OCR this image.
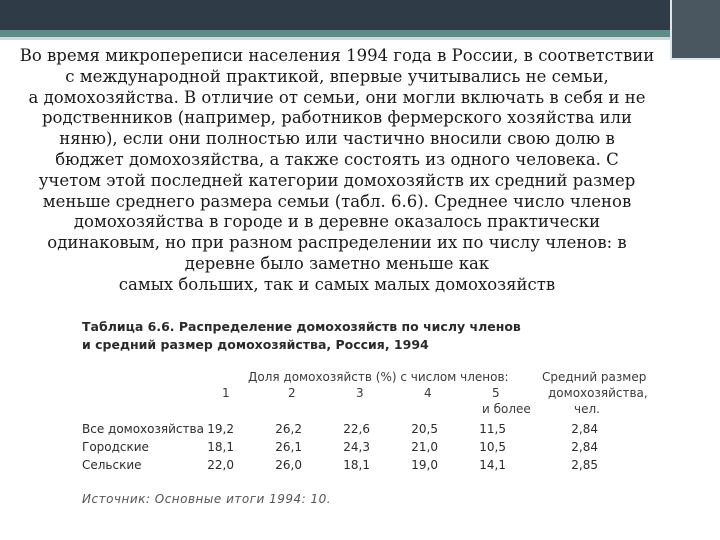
Во время микропереписи населения 1994 года в России, в соответствии
с международной практикой, впервые учитывались не семьи,
а домохозяйства. В отличие от семьи, они могли включать в себя и не
родственников (например, работников фермерского хозяйства или
няню), если они полностью или частично вносили свою долю в
бюджет домохозяйства, а также состоять из одного человека. С
учетом этой последней категории домохозяйств их средний размер
меньше среднего размера семьи (табл. 6.6). Среднее число членов
домохозяйства в городе и в деревне оказалось практически
одинаковым, но при разном распределении их по числу членов: в
деревне было заметно меньше как
самых больших, так и самых малых домохозяйств
Таблица 6.6. Распределение домохозяйств по числу членов
и средний размер домохозяйства, Россия, 1994
Доля домохозяйств (%) с числом членов:
1	2	3	4	5
и более
Средний размер
домохозяйства,
чел.
Все домохозяйства 19,2	26,2	22,6	20,5	11,5	2,84
Городские	18,1	26,1	24,3	21,0	10,5	2,84
Сельские	22,0	26,0	18,1	19,0	14,1	2,85
Источник: Основные итоги 1994: 10.
